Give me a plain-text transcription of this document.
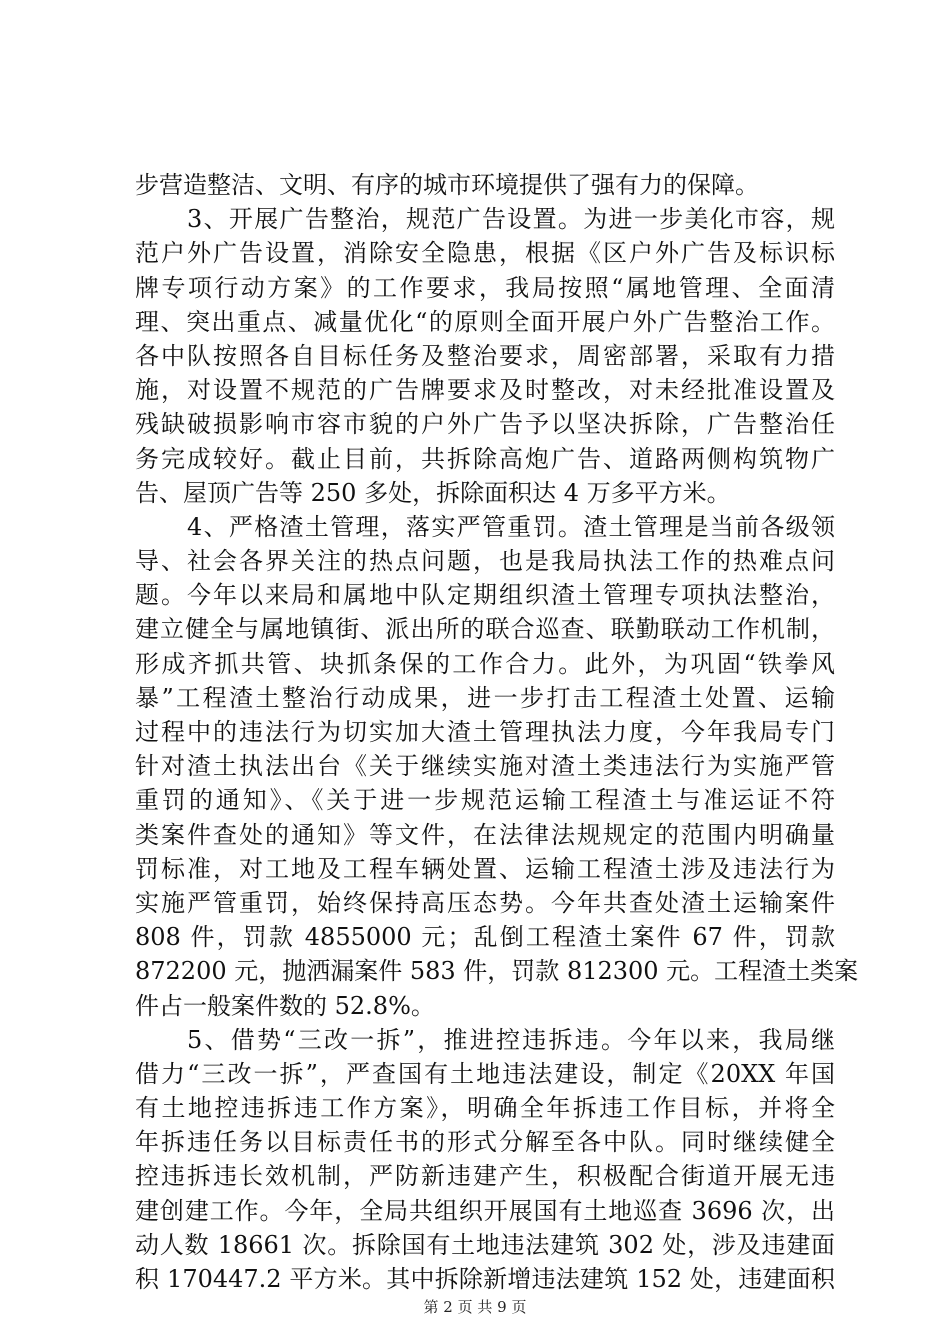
步营造整洁、文明、有序的城市环境提供了强有力的保障。
3、开展广告整治，规范广告设置。为进一步美化市容，规
范户外广告设置，消除安全隐患，根据《区户外广告及标识标
牌专项行动方案》的工作要求，我局按照“属地管理、全面清
理、突出重点、减量优化“的原则全面开展户外广告整治工作。
各中队按照各自目标任务及整治要求，周密部署，采取有力措
施，对设置不规范的广告牌要求及时整改，对未经批准设置及
残缺破损影响市容市貌的户外广告予以坚决拆除，广告整治任
务完成较好。截止目前，共拆除高炮广告、道路两侧构筑物广
告、屋顶广告等 250 多处，拆除面积达 4 万多平方米。
4、严格渣土管理，落实严管重罚。渣土管理是当前各级领
导、社会各界关注的热点问题，也是我局执法工作的热难点问
题。今年以来局和属地中队定期组织渣土管理专项执法整治，
建立健全与属地镇街、派出所的联合巡查、联勤联动工作机制，
形成齐抓共管、块抓条保的工作合力。此外，为巩固“铁拳风
暴”工程渣土整治行动成果，进一步打击工程渣土处置、运输
过程中的违法行为切实加大渣土管理执法力度，今年我局专门
针对渣土执法出台《关于继续实施对渣土类违法行为实施严管
重罚的通知》、《关于进一步规范运输工程渣土与准运证不符
类案件查处的通知》等文件，在法律法规规定的范围内明确量
罚标准，对工地及工程车辆处置、运输工程渣土涉及违法行为
实施严管重罚，始终保持高压态势。今年共查处渣土运输案件
808 件，罚款 4855000 元；乱倒工程渣土案件 67 件，罚款
872200 元，抛洒漏案件 583 件，罚款 812300 元。工程渣土类案
件占一般案件数的 52.8%。
5、借势“三改一拆”，推进控违拆违。今年以来，我局继
借力“三改一拆”，严查国有土地违法建设，制定《20XX 年国
有土地控违拆违工作方案》，明确全年拆违工作目标，并将全
年拆违任务以目标责任书的形式分解至各中队。同时继续健全
控违拆违长效机制，严防新违建产生，积极配合街道开展无违
建创建工作。今年，全局共组织开展国有土地巡查 3696 次，出
动人数 18661 次。拆除国有土地违法建筑 302 处，涉及违建面
积 170447.2 平方米。其中拆除新增违法建筑 152 处，违建面积
第 2 页 共 9 页
